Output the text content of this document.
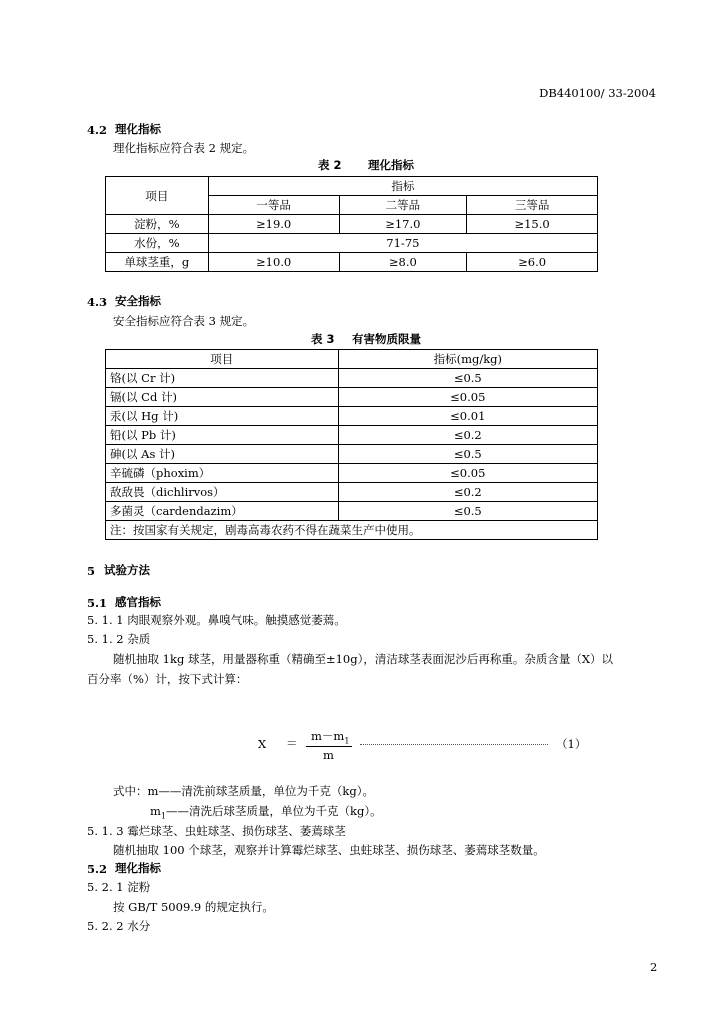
DB440100/ 33-2004
4.2 理化指标
理化指标应符合表 2 规定。
表 2 理化指标
项目	指标		
	一等品	二等品	三等品
淀粉，%	≥19.0	≥17.0	≥15.0
水份，%	71-75		
单球茎重，g	≥10.0	≥8.0	≥6.0
4.3 安全指标
安全指标应符合表 3 规定。
表 3 有害物质限量
项目	指标(mg/kg)
铬(以 Cr 计)	≤0.5
镉(以 Cd 计)	≤0.05
汞(以 Hg 计)	≤0.01
铅(以 Pb 计)	≤0.2
砷(以 As 计)	≤0.5
辛硫磷（phoxim）	≤0.05
敌敌畏（dichlirvos）	≤0.2
多菌灵（cardendazim）	≤0.5
注：按国家有关规定，剧毒高毒农药不得在蔬菜生产中使用。	
5 试验方法
5.1 感官指标
5. 1. 1 肉眼观察外观。鼻嗅气味。触摸感觉萎蔫。
5. 1. 2 杂质
随机抽取 1kg 球茎，用量器称重（精确至±10g），清洁球茎表面泥沙后再称重。杂质含量（X）以
百分率（%）计，按下式计算：
$X = m-m_1$
m
（1）
式中：m——清洗前球茎质量，单位为千克（kg）。
$m_1——$清洗后球茎质量，单位为千克（kg）。
5. 1. 3 霉烂球茎、虫蛀球茎、损伤球茎、萎蔫球茎
随机抽取 100 个球茎，观察并计算霉烂球茎、虫蛀球茎、损伤球茎、萎蔫球茎数量。
5.2 理化指标
5. 2. 1 淀粉
按 GB/T 5009.9 的规定执行。
5. 2. 2 水分
2
